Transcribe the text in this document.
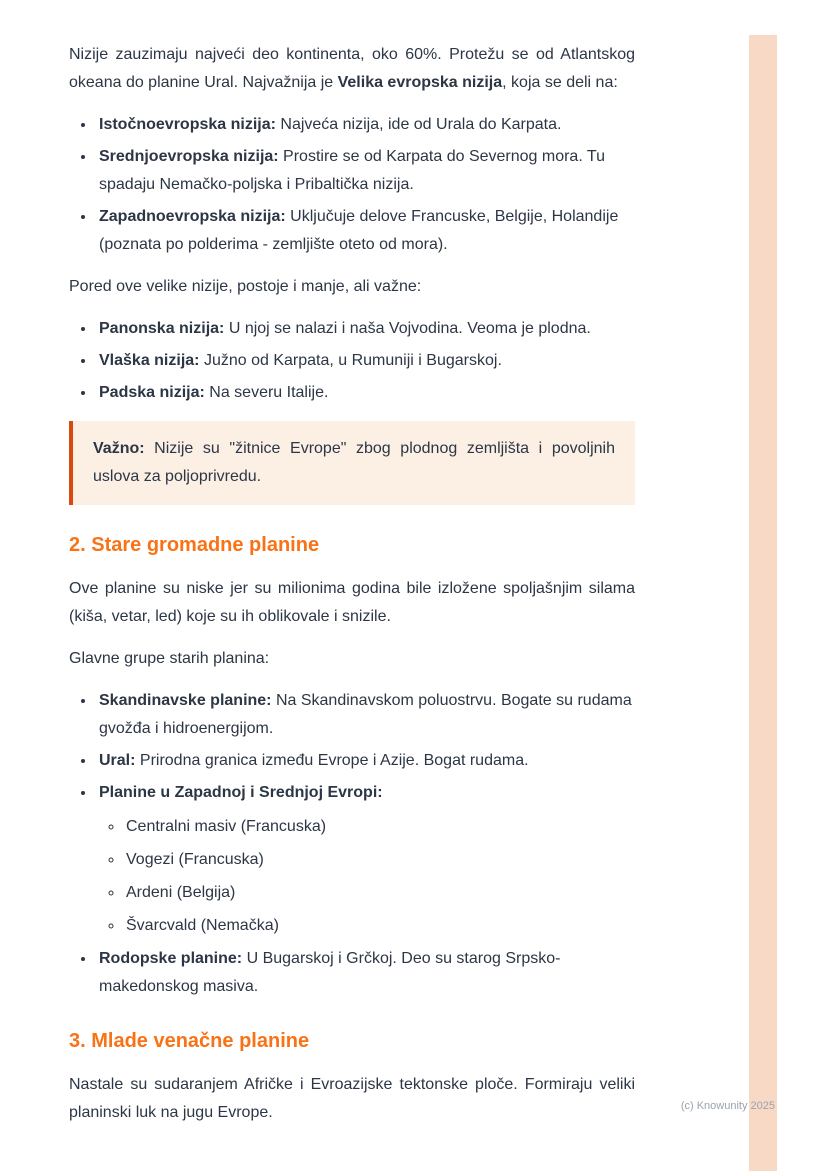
Nizije zauzimaju najveći deo kontinenta, oko 60%. Protežu se od Atlantskog okeana do planine Ural. Najvažnija je Velika evropska nizija, koja se deli na:

• Istočnoevropska nizija: Najveća nizija, ide od Urala do Karpata.
• Srednjoevropska nizija: Prostire se od Karpata do Severnog mora. Tu spadaju Nemačko-poljska i Pribaltička nizija.
• Zapadnoevropska nizija: Uključuje delove Francuske, Belgije, Holandije (poznata po polderima - zemljište oteto od mora).

Pored ove velike nizije, postoje i manje, ali važne:

• Panonska nizija: U njoj se nalazi i naša Vojvodina. Veoma je plodna.
• Vlaška nizija: Južno od Karpata, u Rumuniji i Bugarskoj.
• Padska nizija: Na severu Italije.

Važno: Nizije su "žitnice Evrope" zbog plodnog zemljišta i povoljnih uslova za poljoprivredu.

2. Stare gromadne planine

Ove planine su niske jer su milionima godina bile izložene spoljašnjim silama (kiša, vetar, led) koje su ih oblikovale i snizile.

Glavne grupe starih planina:

• Skandinavske planine: Na Skandinavskom poluostrvu. Bogate su rudama gvožđa i hidroenergijom.
• Ural: Prirodna granica između Evrope i Azije. Bogat rudama.
• Planine u Zapadnoj i Srednjoj Evropi:
◦ Centralni masiv (Francuska)
◦ Vogezi (Francuska)
◦ Ardeni (Belgija)
◦ Švarcvald (Nemačka)
• Rodopske planine: U Bugarskoj i Grčkoj. Deo su starog Srpsko-makedonskog masiva.
3. Mlade venačne planine

Nastale su sudaranjem Afričke i Evroazijske tektonske ploče. Formiraju veliki planinski luk na jugu Evrope.	(c) Knowunity 2025
